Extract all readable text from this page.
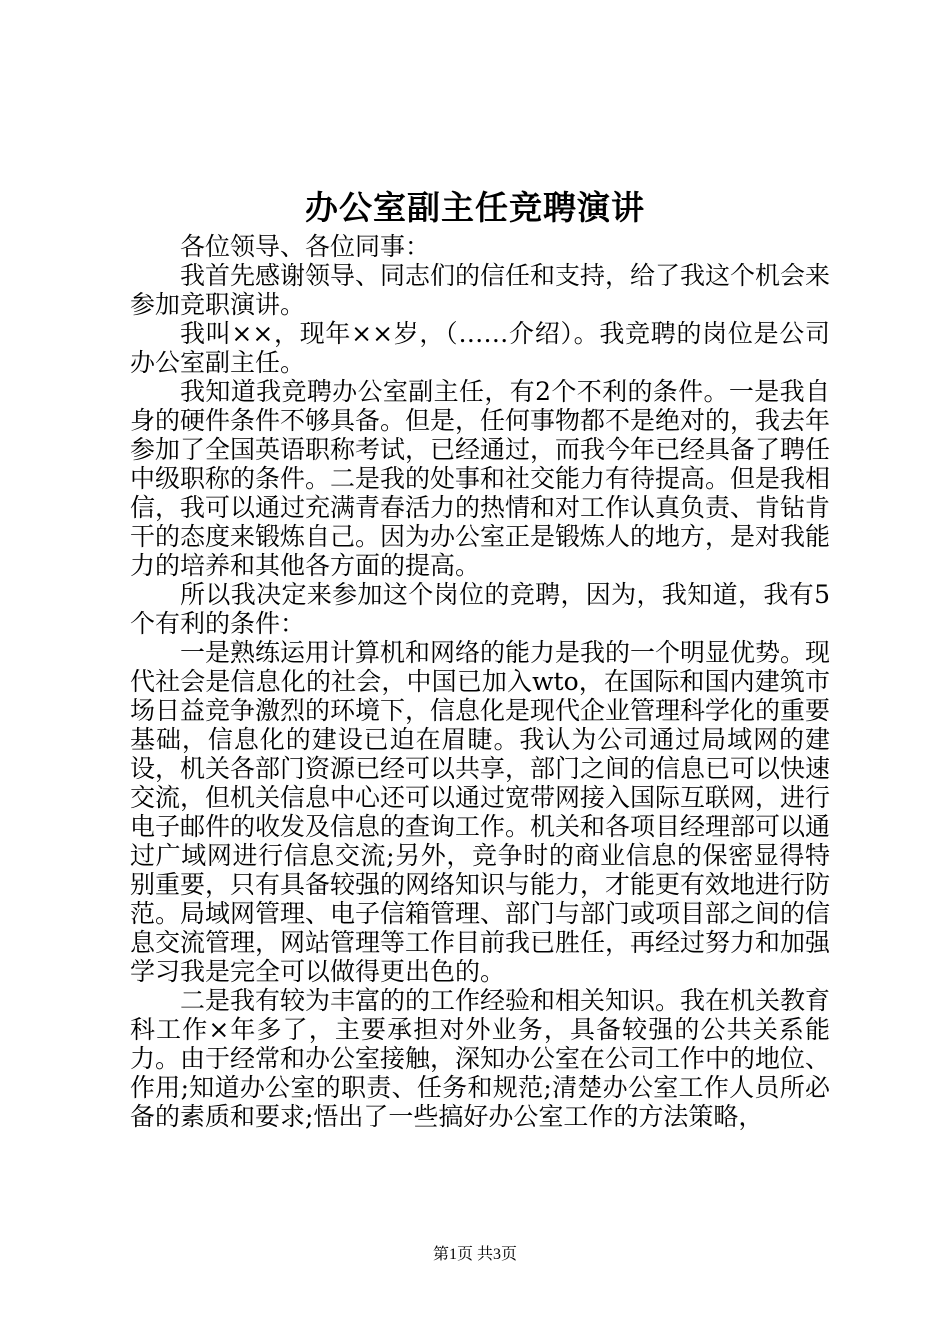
办公室副主任竞聘演讲

各位领导、各位同事：

我首先感谢领导、同志们的信任和支持，给了我这个机会来参加竞职演讲。

我叫××，现年××岁，（……介绍）。我竞聘的岗位是公司办公室副主任。

我知道我竞聘办公室副主任，有2个不利的条件。一是我自身的硬件条件不够具备。但是，任何事物都不是绝对的，我去年参加了全国英语职称考试，已经通过，而我今年已经具备了聘任中级职称的条件。二是我的处事和社交能力有待提高。但是我相信，我可以通过充满青春活力的热情和对工作认真负责、肯钻肯干的态度来锻炼自己。因为办公室正是锻炼人的地方，是对我能力的培养和其他各方面的提高。

所以我决定来参加这个岗位的竞聘，因为，我知道，我有5个有利的条件：

一是熟练运用计算机和网络的能力是我的一个明显优势。现代社会是信息化的社会，中国已加入wto，在国际和国内建筑市场日益竞争激烈的环境下，信息化是现代企业管理科学化的重要基础，信息化的建设已迫在眉睫。我认为公司通过局域网的建设，机关各部门资源已经可以共享，部门之间的信息已可以快速交流，但机关信息中心还可以通过宽带网接入国际互联网，进行电子邮件的收发及信息的查询工作。机关和各项目经理部可以通过广域网进行信息交流;另外，竞争时的商业信息的保密显得特别重要，只有具备较强的网络知识与能力，才能更有效地进行防范。局域网管理、电子信箱管理、部门与部门或项目部之间的信息交流管理，网站管理等工作目前我已胜任，再经过努力和加强学习我是完全可以做得更出色的。

二是我有较为丰富的的工作经验和相关知识。我在机关教育科工作×年多了，主要承担对外业务，具备较强的公共关系能力。由于经常和办公室接触，深知办公室在公司工作中的地位、作用;知道办公室的职责、任务和规范;清楚办公室工作人员所必备的素质和要求;悟出了一些搞好办公室工作的方法策略，

第1页 共3页
